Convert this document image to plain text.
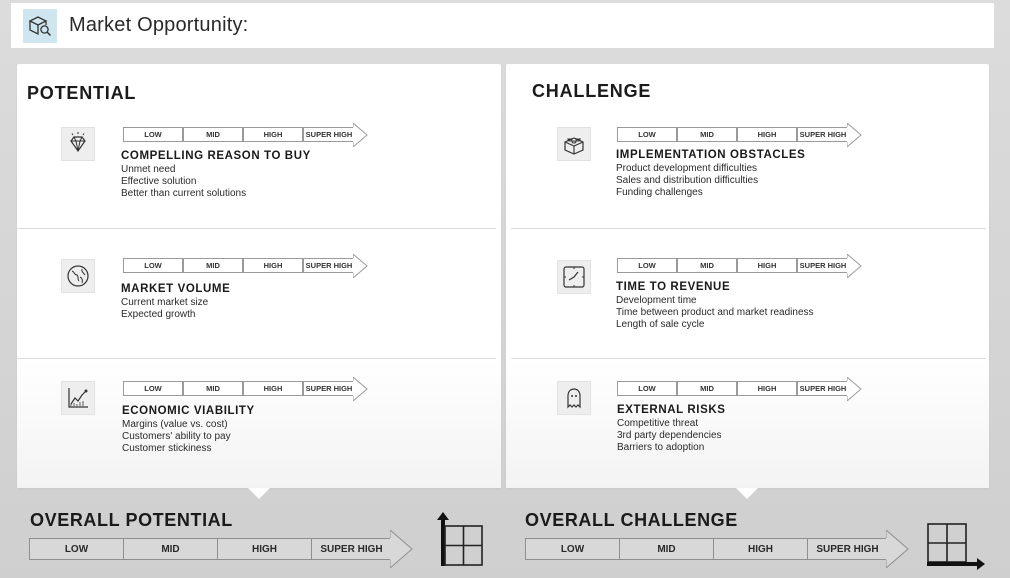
Market Opportunity:
POTENTIAL
LOW	MID	HIGH	SUPER HIGH
COMPELLING REASON TO BUY
Unmet need
Effective solution
Better than current solutions
LOW	MID	HIGH	SUPER HIGH
MARKET VOLUME
Current market size
Expected growth
LOW	MID	HIGH	SUPER HIGH
ECONOMIC VIABILITY
Margins (value vs. cost)
Customers' ability to pay
Customer stickiness
CHALLENGE
LOW	MID	HIGH	SUPER HIGH
IMPLEMENTATION OBSTACLES
Product development difficulties
Sales and distribution difficulties
Funding challenges
LOW	MID	HIGH	SUPER HIGH
TIME TO REVENUE
Development time
Time between product and market readiness
Length of sale cycle
LOW	MID	HIGH	SUPER HIGH
EXTERNAL RISKS
Competitive threat
3rd party dependencies
Barriers to adoption
OVERALL POTENTIAL
LOW	MID	HIGH	SUPER HIGH
OVERALL CHALLENGE
LOW	MID	HIGH	SUPER HIGH
